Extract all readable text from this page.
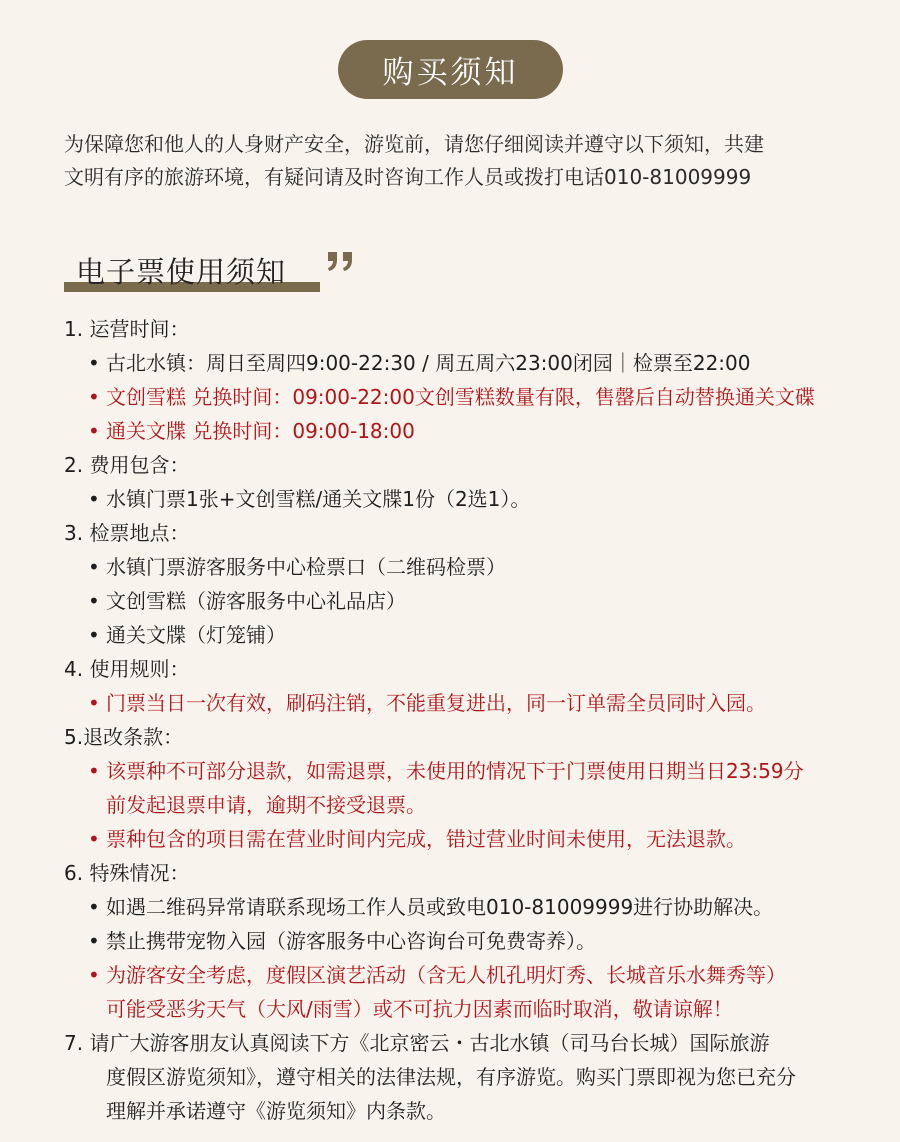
购买须知

为保障您和他人的人身财产安全，游览前，请您仔细阅读并遵守以下须知，共建

文明有序的旅游环境，有疑问请及时咨询工作人员或拨打电话010-81009999

电子票使用须知
1. 运营时间：
• 古北水镇：周日至周四9:00-22:30 / 周五周六23:00闭园｜检票至22:00
• 文创雪糕 兑换时间：09:00-22:00文创雪糕数量有限，售罄后自动替换通关文碟
• 通关文牒 兑换时间：09:00-18:00
2. 费用包含：
• 水镇门票1张+文创雪糕/通关文牒1份（2选1）。
3. 检票地点：
• 水镇门票游客服务中心检票口（二维码检票）
• 文创雪糕（游客服务中心礼品店）
• 通关文牒（灯笼铺）
4. 使用规则：
• 门票当日一次有效，刷码注销，不能重复进出，同一订单需全员同时入园。
5.退改条款：
• 该票种不可部分退款，如需退票，未使用的情况下于门票使用日期当日23:59分
前发起退票申请，逾期不接受退票。
• 票种包含的项目需在营业时间内完成，错过营业时间未使用，无法退款。
6. 特殊情况：
• 如遇二维码异常请联系现场工作人员或致电010-81009999进行协助解决。
• 禁止携带宠物入园（游客服务中心咨询台可免费寄养）。
• 为游客安全考虑，度假区演艺活动（含无人机孔明灯秀、长城音乐水舞秀等）
可能受恶劣天气（大风/雨雪）或不可抗力因素而临时取消，敬请谅解！
7. 请广大游客朋友认真阅读下方《北京密云・古北水镇（司马台长城）国际旅游
度假区游览须知》，遵守相关的法律法规，有序游览。购买门票即视为您已充分
理解并承诺遵守《游览须知》内条款。
